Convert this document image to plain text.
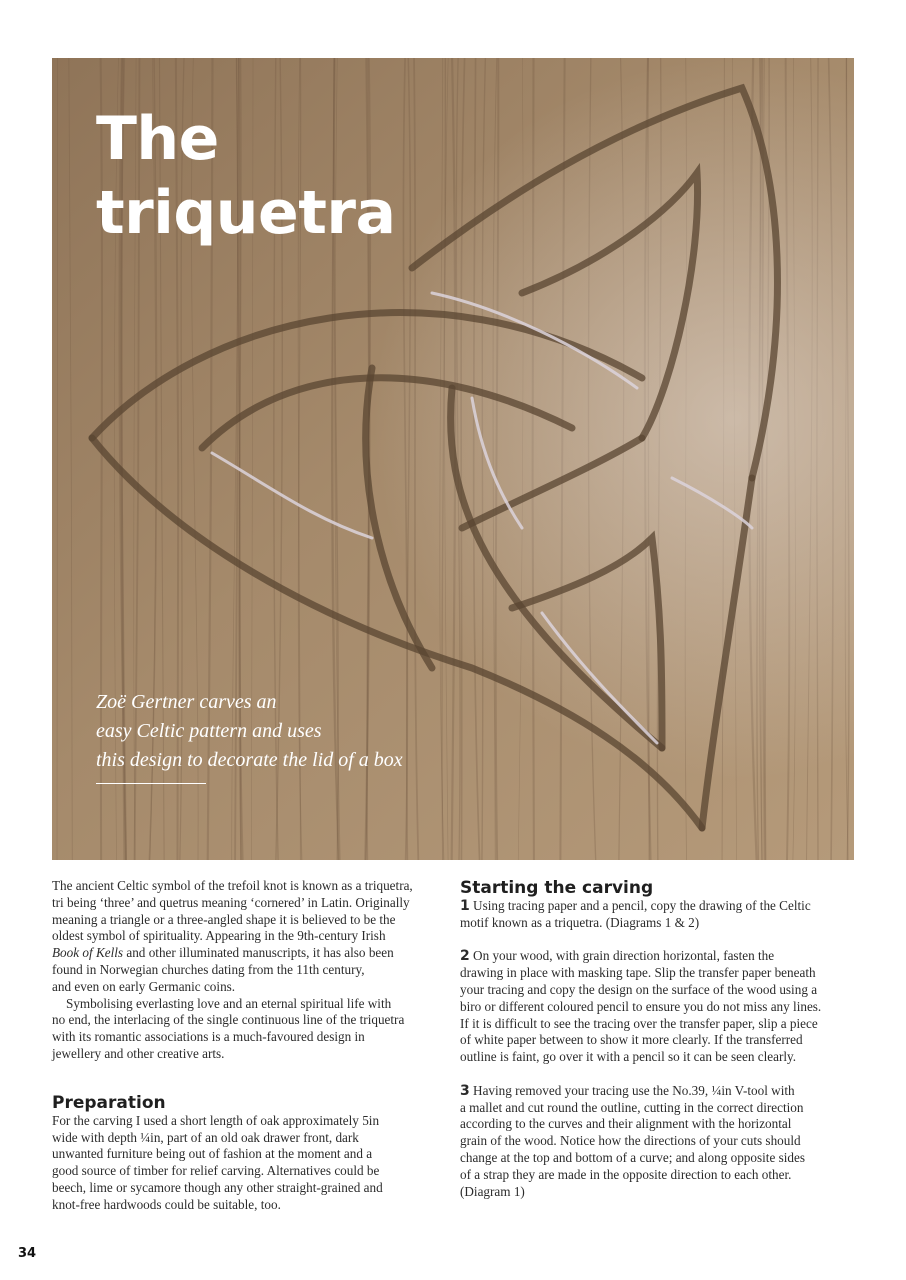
The
triquetra
Zoë Gertner carves an
easy Celtic pattern and uses
this design to decorate the lid of a box

The ancient Celtic symbol of the trefoil knot is known as a triquetra,
tri being ‘three’ and quetrus meaning ‘cornered’ in Latin. Originally
meaning a triangle or a three-angled shape it is believed to be the
oldest symbol of spirituality. Appearing in the 9th-century Irish
Book of Kells and other illuminated manuscripts, it has also been
found in Norwegian churches dating from the 11th century,
and even on early Germanic coins.

Symbolising everlasting love and an eternal spiritual life with
no end, the interlacing of the single continuous line of the triquetra
with its romantic associations is a much-favoured design in
jewellery and other creative arts.

Preparation

For the carving I used a short length of oak approximately 5in
wide with depth ¼in, part of an old oak drawer front, dark
unwanted furniture being out of fashion at the moment and a
good source of timber for relief carving. Alternatives could be
beech, lime or sycamore though any other straight-grained and
knot-free hardwoods could be suitable, too.

Starting the carving

1 Using tracing paper and a pencil, copy the drawing of the Celtic
motif known as a triquetra. (Diagrams 1 & 2)

2 On your wood, with grain direction horizontal, fasten the
drawing in place with masking tape. Slip the transfer paper beneath
your tracing and copy the design on the surface of the wood using a
biro or different coloured pencil to ensure you do not miss any lines.
If it is difficult to see the tracing over the transfer paper, slip a piece
of white paper between to show it more clearly. If the transferred
outline is faint, go over it with a pencil so it can be seen clearly.

3 Having removed your tracing use the No.39, ¼in V-tool with
a mallet and cut round the outline, cutting in the correct direction
according to the curves and their alignment with the horizontal
grain of the wood. Notice how the directions of your cuts should
change at the top and bottom of a curve; and along opposite sides
of a strap they are made in the opposite direction to each other.
(Diagram 1)

34
